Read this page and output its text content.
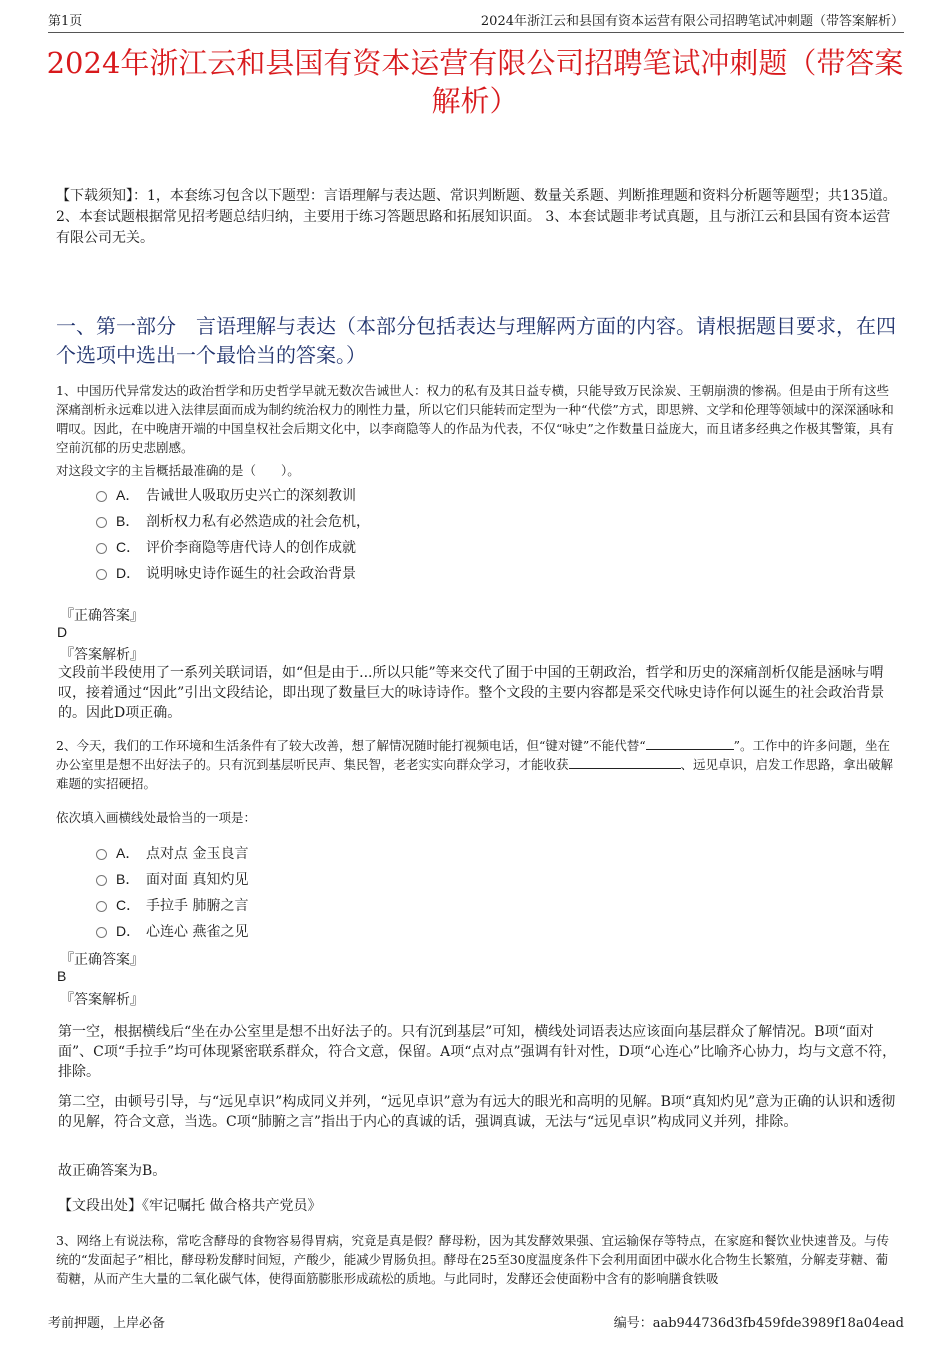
第1页	2024年浙江云和县国有资本运营有限公司招聘笔试冲刺题（带答案解析）
2024年浙江云和县国有资本运营有限公司招聘笔试冲刺题（带答案解析）
【下载须知】：1，本套练习包含以下题型：言语理解与表达题、常识判断题、数量关系题、判断推理题和资料分析题等题型；共135道。 2、本套试题根据常见招考题总结归纳，主要用于练习答题思路和拓展知识面。 3、本套试题非考试真题，且与浙江云和县国有资本运营有限公司无关。
一、第一部分　言语理解与表达（本部分包括表达与理解两方面的内容。请根据题目要求，在四个选项中选出一个最恰当的答案。）
1、中国历代异常发达的政治哲学和历史哲学早就无数次告诫世人：权力的私有及其日益专横，只能导致万民涂炭、王朝崩溃的惨祸。但是由于所有这些深痛剖析永远难以进入法律层面而成为制约统治权力的刚性力量，所以它们只能转而定型为一种“代偿”方式，即思辨、文学和伦理等领域中的深深涵咏和喟叹。因此，在中晚唐开端的中国皇权社会后期文化中，以李商隐等人的作品为代表，不仅“咏史”之作数量日益庞大，而且诸多经典之作极其警策，具有空前沉郁的历史悲剧感。
对这段文字的主旨概括最准确的是（　　）。
A． 告诫世人吸取历史兴亡的深刻教训
B． 剖析权力私有必然造成的社会危机，
C． 评价李商隐等唐代诗人的创作成就
D． 说明咏史诗作诞生的社会政治背景
『正确答案』
D
『答案解析』
文段前半段使用了一系列关联词语，如“但是由于...所以只能”等来交代了囿于中国的王朝政治，哲学和历史的深痛剖析仅能是涵咏与喟叹，接着通过“因此”引出文段结论，即出现了数量巨大的咏诗诗作。整个文段的主要内容都是采交代咏史诗作何以诞生的社会政治背景的。因此D项正确。
2、今天，我们的工作环境和生活条件有了较大改善，想了解情况随时能打视频电话，但“键对键”不能代替“	”。工作中的许多问题，坐在办公室里是想不出好法子的。只有沉到基层听民声、集民智，老老实实向群众学习，才能收获	、远见卓识，启发工作思路，拿出破解难题的实招硬招。
依次填入画横线处最恰当的一项是：
A． 点对点 金玉良言
B． 面对面 真知灼见
C． 手拉手 肺腑之言
D． 心连心 燕雀之见
『正确答案』
B
『答案解析』
第一空，根据横线后“坐在办公室里是想不出好法子的。只有沉到基层”可知，横线处词语表达应该面向基层群众了解情况。B项“面对面”、C项“手拉手”均可体现紧密联系群众，符合文意，保留。A项“点对点”强调有针对性，D项“心连心”比喻齐心协力，均与文意不符，排除。
第二空，由顿号引导，与“远见卓识”构成同义并列，“远见卓识”意为有远大的眼光和高明的见解。B项“真知灼见”意为正确的认识和透彻的见解，符合文意，当选。C项“肺腑之言”指出于内心的真诚的话，强调真诚，无法与“远见卓识”构成同义并列，排除。
故正确答案为B。
【文段出处】《牢记嘱托 做合格共产党员》
3、网络上有说法称，常吃含酵母的食物容易得胃病，究竟是真是假？酵母粉，因为其发酵效果强、宜运输保存等特点，在家庭和餐饮业快速普及。与传统的“发面起子”相比，酵母粉发酵时间短，产酸少，能减少胃肠负担。酵母在25至30度温度条件下会利用面团中碳水化合物生长繁殖，分解麦芽糖、葡萄糖，从而产生大量的二氧化碳气体，使得面筋膨胀形成疏松的质地。与此同时，发酵还会使面粉中含有的影响膳食铁吸
考前押题，上岸必备	编号：aab944736d3fb459fde3989f18a04ead
